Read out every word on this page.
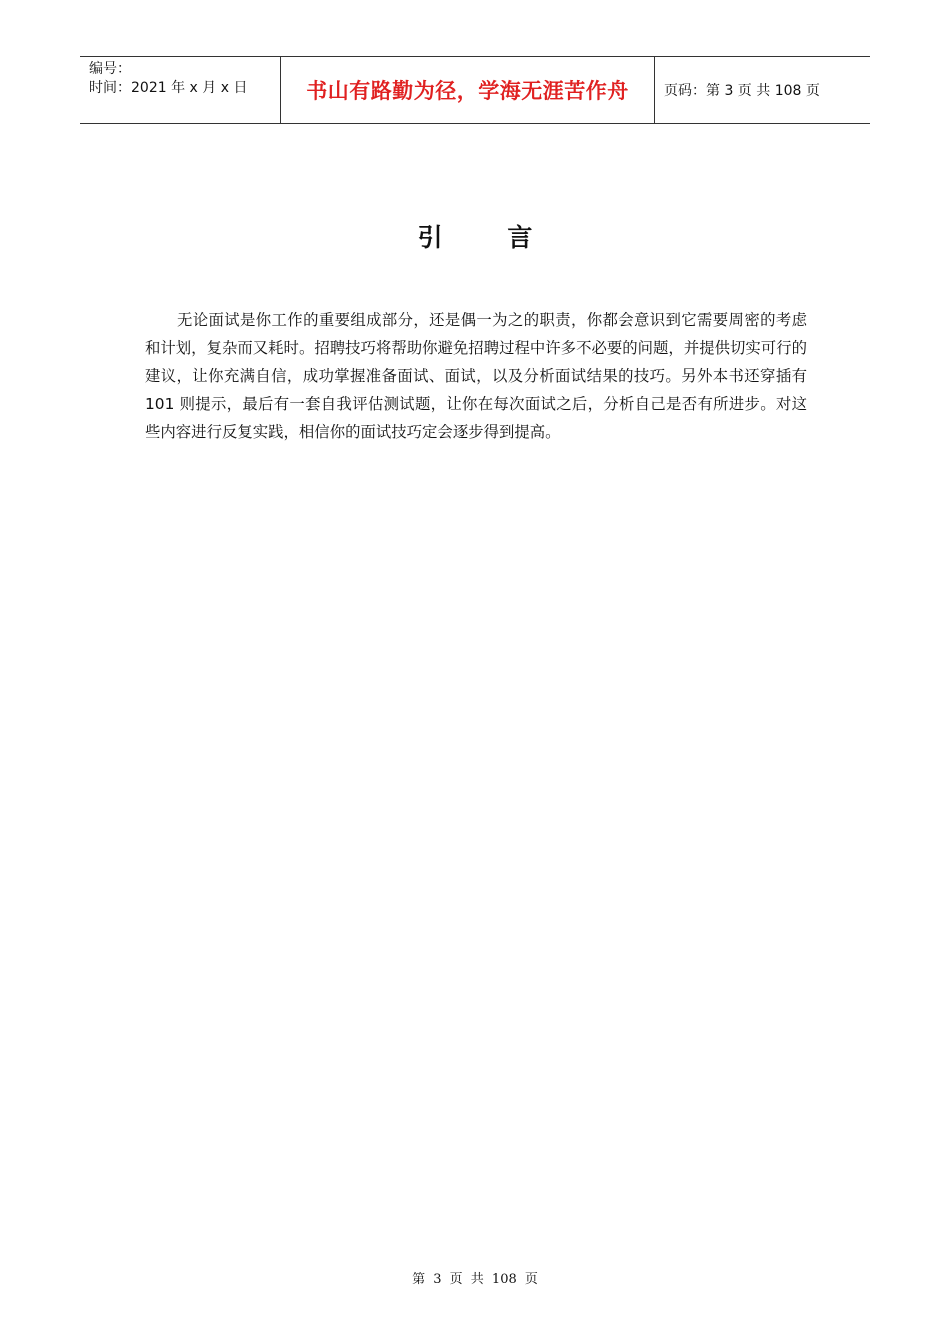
编号：
时间：2021 年 x 月 x 日	书山有路勤为径，学海无涯苦作舟	页码：第 3 页 共 108 页
引 言
无论面试是你工作的重要组成部分，还是偶一为之的职责，你都会意识到它需要周密的考虑和计划，复杂而又耗时。招聘技巧将帮助你避免招聘过程中许多不必要的问题，并提供切实可行的建议，让你充满自信，成功掌握准备面试、面试，以及分析面试结果的技巧。另外本书还穿插有 101 则提示，最后有一套自我评估测试题，让你在每次面试之后，分析自己是否有所进步。对这些内容进行反复实践，相信你的面试技巧定会逐步得到提高。
第 3 页 共 108 页
